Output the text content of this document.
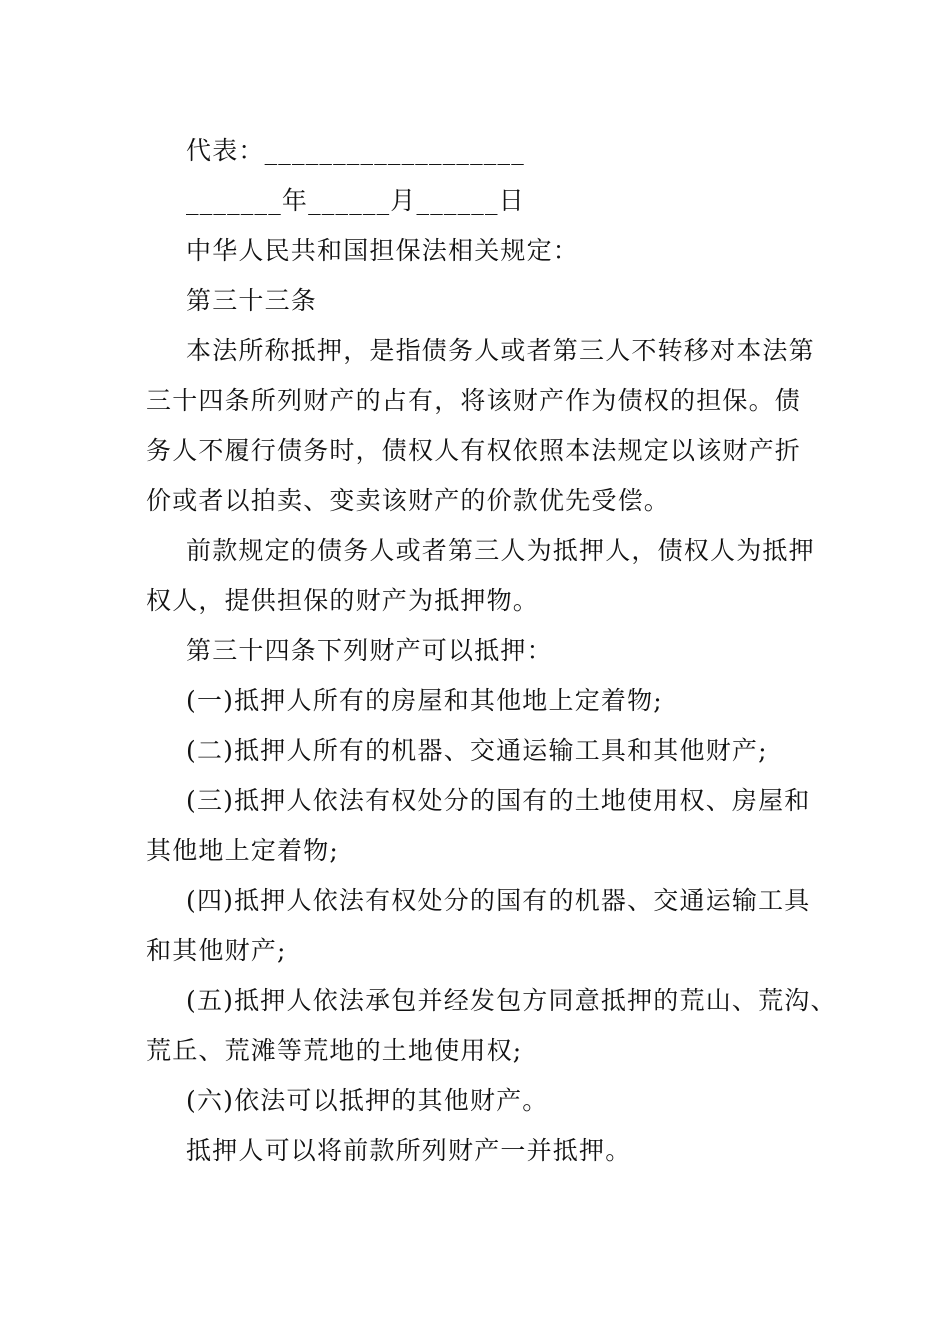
代表：___________________
_______年______月______日
中华人民共和国担保法相关规定：
第三十三条
本法所称抵押，是指债务人或者第三人不转移对本法第
三十四条所列财产的占有，将该财产作为债权的担保。债
务人不履行债务时，债权人有权依照本法规定以该财产折
价或者以拍卖、变卖该财产的价款优先受偿。
前款规定的债务人或者第三人为抵押人，债权人为抵押
权人，提供担保的财产为抵押物。
第三十四条下列财产可以抵押：
(一)抵押人所有的房屋和其他地上定着物;
(二)抵押人所有的机器、交通运输工具和其他财产;
(三)抵押人依法有权处分的国有的土地使用权、房屋和
其他地上定着物;
(四)抵押人依法有权处分的国有的机器、交通运输工具
和其他财产;
(五)抵押人依法承包并经发包方同意抵押的荒山、荒沟、
荒丘、荒滩等荒地的土地使用权;
(六)依法可以抵押的其他财产。
抵押人可以将前款所列财产一并抵押。
